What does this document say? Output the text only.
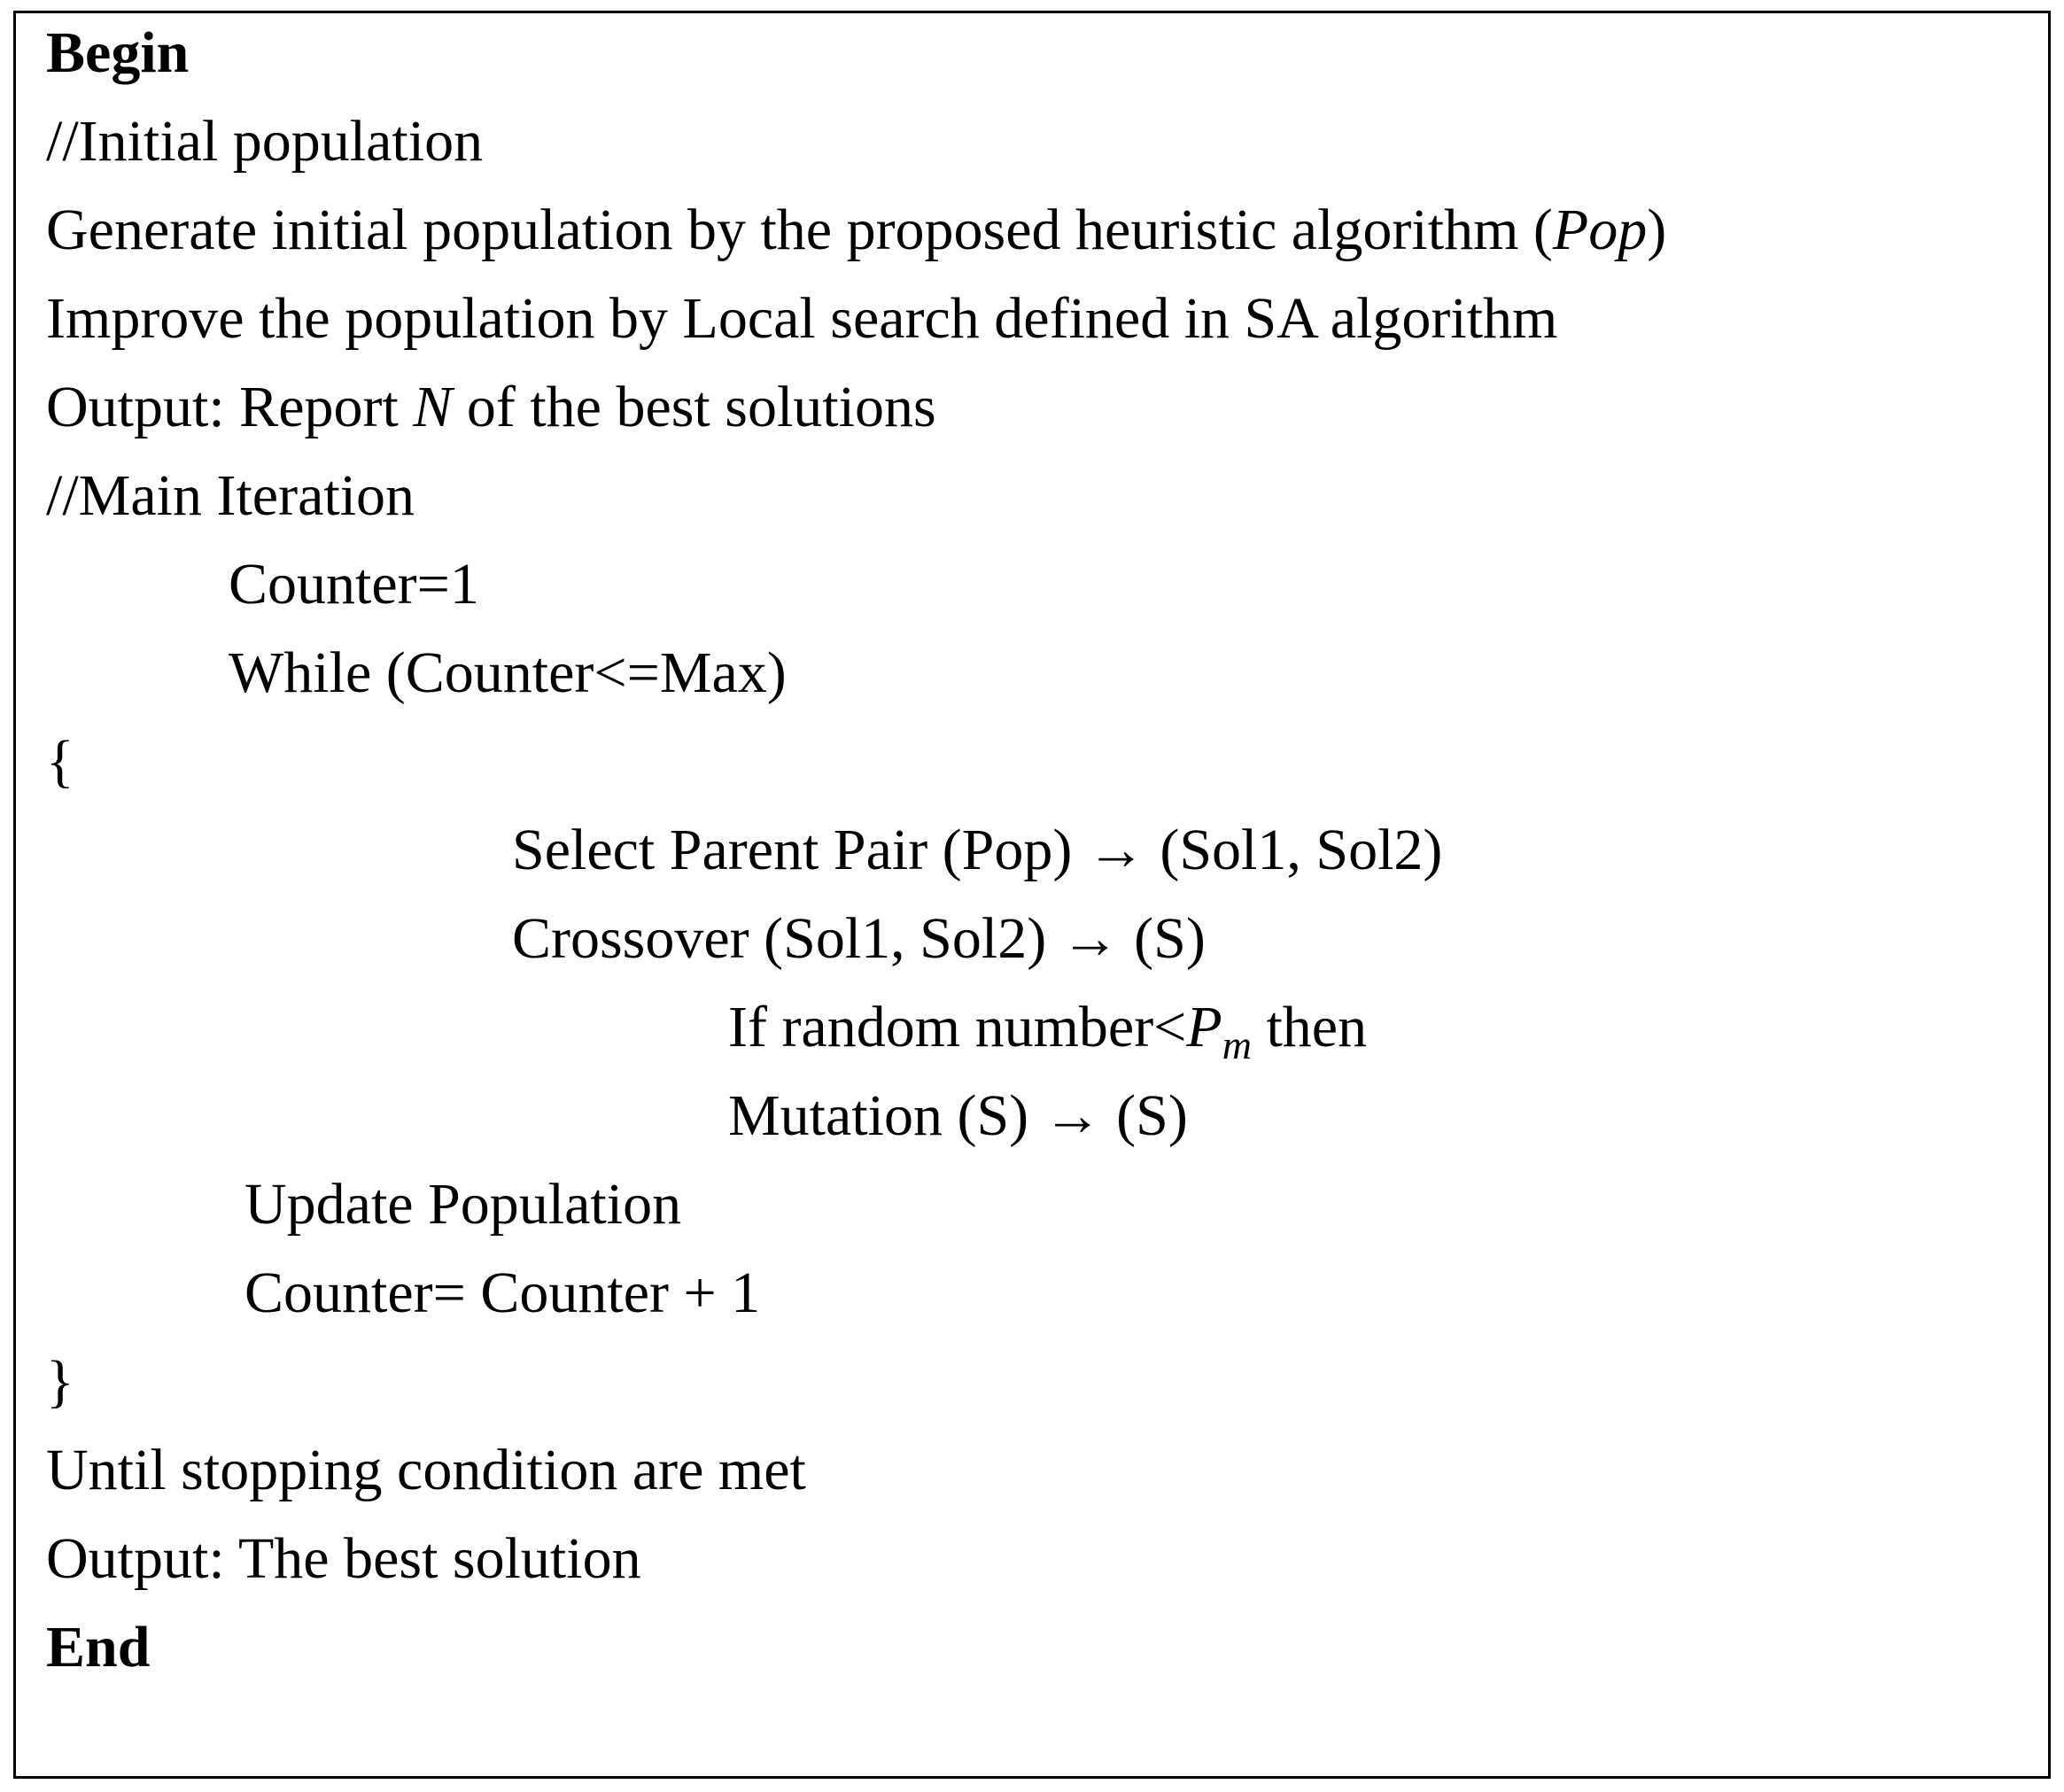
Begin
//Initial population
Generate initial population by the proposed heuristic algorithm (Pop)
Improve the population by Local search defined in SA algorithm
Output: Report N of the best solutions
//Main Iteration
Counter=1
While (Counter<=Max)
{
Select Parent Pair (Pop) → (Sol1, Sol2)
Crossover (Sol1, Sol2) → (S)
If random $number<P_m$ then
Mutation (S) → (S)
Update Population
Counter= Counter + 1
}
Until stopping condition are met
Output: The best solution
End
